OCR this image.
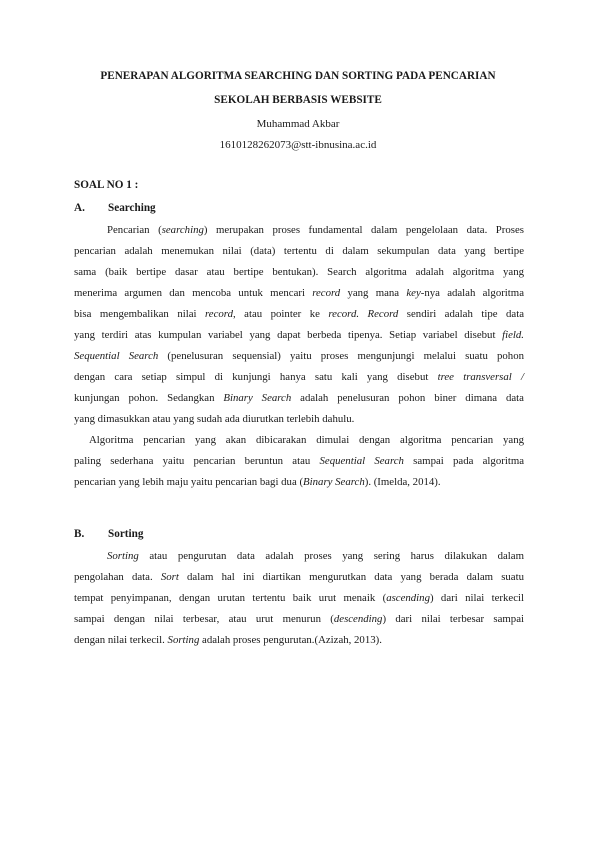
PENERAPAN ALGORITMA SEARCHING DAN SORTING PADA PENCARIAN
SEKOLAH BERBASIS WEBSITE
Muhammad Akbar
1610128262073@stt-ibnusina.ac.id
SOAL NO 1 :
A. Searching
Pencarian (searching) merupakan proses fundamental dalam pengelolaan data. Proses
pencarian adalah menemukan nilai (data) tertentu di dalam sekumpulan data yang bertipe
sama (baik bertipe dasar atau bertipe bentukan). Search algoritma adalah algoritma yang
menerima argumen dan mencoba untuk mencari record yang mana key-nya adalah algoritma
bisa mengembalikan nilai record, atau pointer ke record. Record sendiri adalah tipe data
yang terdiri atas kumpulan variabel yang dapat berbeda tipenya. Setiap variabel disebut field.
Sequential Search (penelusuran sequensial) yaitu proses mengunjungi melalui suatu pohon
dengan cara setiap simpul di kunjungi hanya satu kali yang disebut tree transversal /
kunjungan pohon. Sedangkan Binary Search adalah penelusuran pohon biner dimana data
yang dimasukkan atau yang sudah ada diurutkan terlebih dahulu.
Algoritma pencarian yang akan dibicarakan dimulai dengan algoritma pencarian yang
paling sederhana yaitu pencarian beruntun atau Sequential Search sampai pada algoritma
pencarian yang lebih maju yaitu pencarian bagi dua (Binary Search). (Imelda, 2014).
B. Sorting
Sorting atau pengurutan data adalah proses yang sering harus dilakukan dalam
pengolahan data. Sort dalam hal ini diartikan mengurutkan data yang berada dalam suatu
tempat penyimpanan, dengan urutan tertentu baik urut menaik (ascending) dari nilai terkecil
sampai dengan nilai terbesar, atau urut menurun (descending) dari nilai terbesar sampai
dengan nilai terkecil. Sorting adalah proses pengurutan.(Azizah, 2013).
